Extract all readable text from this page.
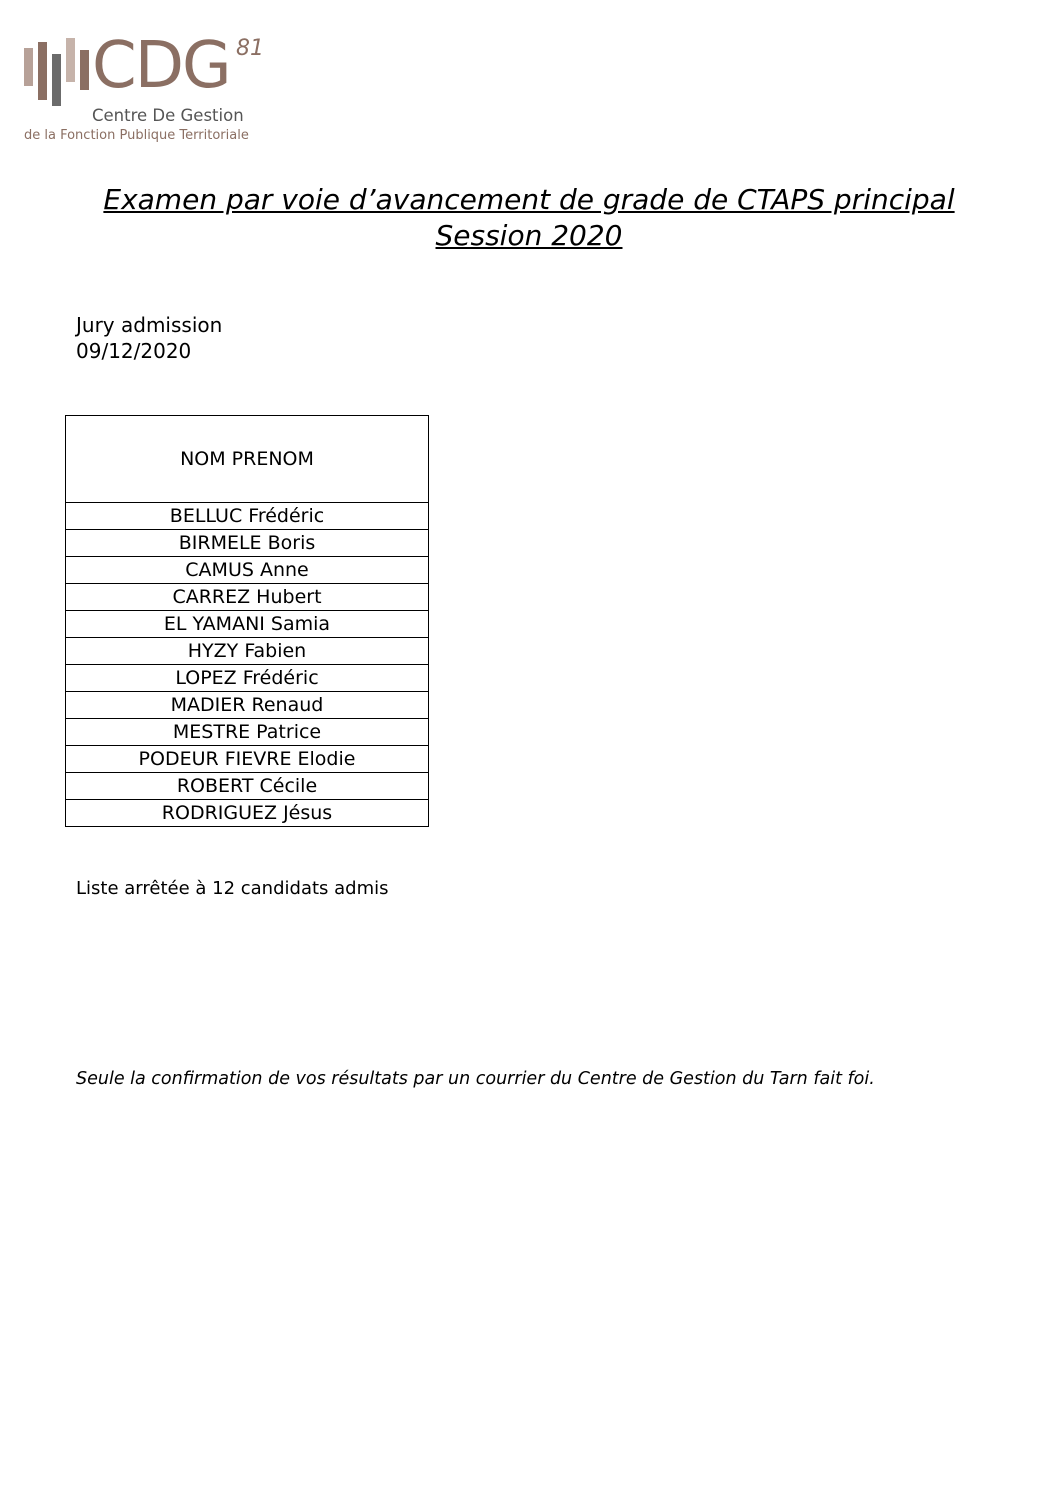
CDG 81
Centre De Gestion
de la Fonction Publique Territoriale
Examen par voie d’avancement de grade de CTAPS principal
Session 2020
Jury admission
09/12/2020
NOM PRENOM
BELLUC Frédéric
BIRMELE Boris
CAMUS Anne
CARREZ Hubert
EL YAMANI Samia
HYZY Fabien
LOPEZ Frédéric
MADIER Renaud
MESTRE Patrice
PODEUR FIEVRE Elodie
ROBERT Cécile
RODRIGUEZ Jésus
Liste arrêtée à 12 candidats admis
Seule la confirmation de vos résultats par un courrier du Centre de Gestion du Tarn fait foi.
